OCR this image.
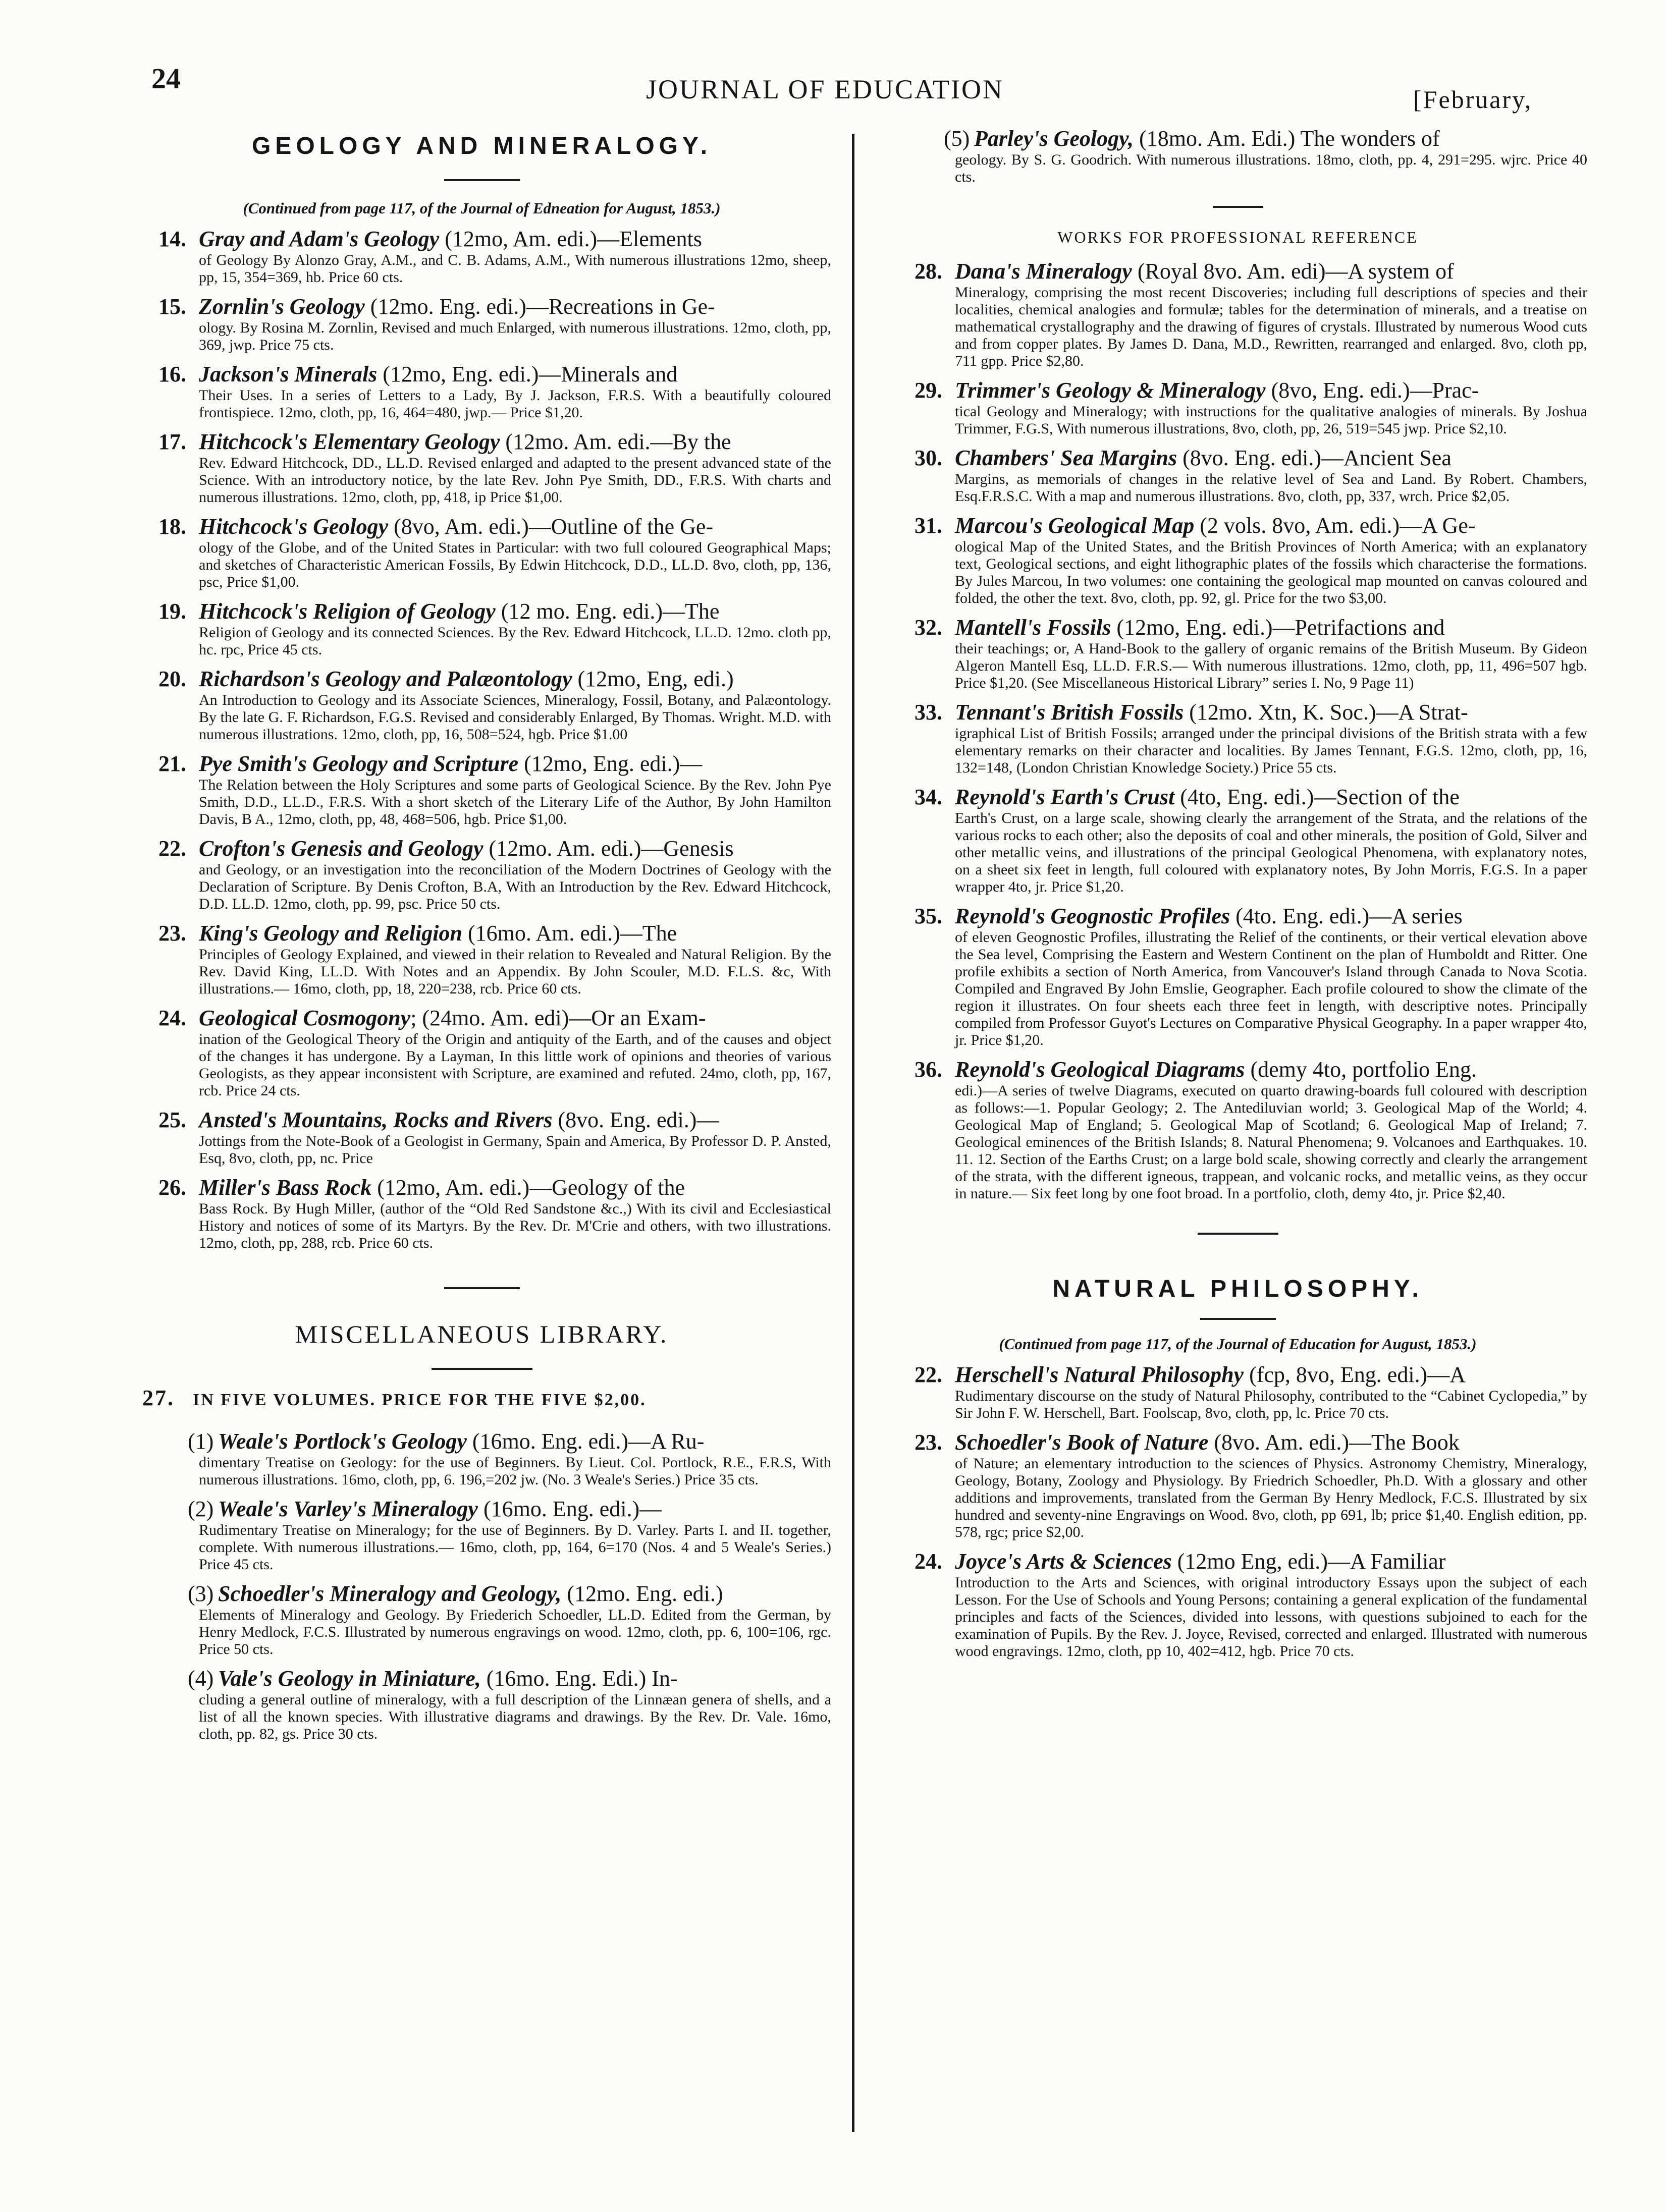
24	JOURNAL OF EDUCATION	[February,
GEOLOGY AND MINERALOGY.
(Continued from page 117, of the Journal of Edneation for August, 1853.)
14. Gray and Adam's Geology (12mo, Am. edi.)—Elements
of Geology By Alonzo Gray, A.M., and C. B. Adams, A.M., With numerous illustrations 12mo, sheep, pp, 15, 354=369, hb. Price 60 cts.
15. Zornlin's Geology (12mo. Eng. edi.)—Recreations in Ge-
ology. By Rosina M. Zornlin, Revised and much Enlarged, with numerous illustrations. 12mo, cloth, pp, 369, jwp. Price 75 cts.
16. Jackson's Minerals (12mo, Eng. edi.)—Minerals and
Their Uses. In a series of Letters to a Lady, By J. Jackson, F.R.S. With a beautifully coloured frontispiece. 12mo, cloth, pp, 16, 464=480, jwp.— Price $1,20.
17. Hitchcock's Elementary Geology (12mo. Am. edi.—By the
Rev. Edward Hitchcock, DD., LL.D. Revised enlarged and adapted to the present advanced state of the Science. With an introductory notice, by the late Rev. John Pye Smith, DD., F.R.S. With charts and numerous illustrations. 12mo, cloth, pp, 418, ip Price $1,00.
18. Hitchcock's Geology (8vo, Am. edi.)—Outline of the Ge-
ology of the Globe, and of the United States in Particular: with two full coloured Geographical Maps; and sketches of Characteristic American Fossils, By Edwin Hitchcock, D.D., LL.D. 8vo, cloth, pp, 136, psc, Price $1,00.
19. Hitchcock's Religion of Geology (12 mo. Eng. edi.)—The
Religion of Geology and its connected Sciences. By the Rev. Edward Hitchcock, LL.D. 12mo. cloth pp, hc. rpc, Price 45 cts.
20. Richardson's Geology and Palæontology (12mo, Eng, edi.)
An Introduction to Geology and its Associate Sciences, Mineralogy, Fossil, Botany, and Palæontology. By the late G. F. Richardson, F.G.S. Revised and considerably Enlarged, By Thomas. Wright. M.D. with numerous illustrations. 12mo, cloth, pp, 16, 508=524, hgb. Price $1.00
21. Pye Smith's Geology and Scripture (12mo, Eng. edi.)—
The Relation between the Holy Scriptures and some parts of Geological Science. By the Rev. John Pye Smith, D.D., LL.D., F.R.S. With a short sketch of the Literary Life of the Author, By John Hamilton Davis, B A., 12mo, cloth, pp, 48, 468=506, hgb. Price $1,00.
22. Crofton's Genesis and Geology (12mo. Am. edi.)—Genesis
and Geology, or an investigation into the reconciliation of the Modern Doctrines of Geology with the Declaration of Scripture. By Denis Crofton, B.A, With an Introduction by the Rev. Edward Hitchcock, D.D. LL.D. 12mo, cloth, pp. 99, psc. Price 50 cts.
23. King's Geology and Religion (16mo. Am. edi.)—The
Principles of Geology Explained, and viewed in their relation to Revealed and Natural Religion. By the Rev. David King, LL.D. With Notes and an Appendix. By John Scouler, M.D. F.L.S. &c, With illustrations.— 16mo, cloth, pp, 18, 220=238, rcb. Price 60 cts.
24. Geological Cosmogony; (24mo. Am. edi)—Or an Exam-
ination of the Geological Theory of the Origin and antiquity of the Earth, and of the causes and object of the changes it has undergone. By a Layman, In this little work of opinions and theories of various Geologists, as they appear inconsistent with Scripture, are examined and refuted. 24mo, cloth, pp, 167, rcb. Price 24 cts.
25. Ansted's Mountains, Rocks and Rivers (8vo. Eng. edi.)—
Jottings from the Note-Book of a Geologist in Germany, Spain and America, By Professor D. P. Ansted, Esq, 8vo, cloth, pp, nc. Price
26. Miller's Bass Rock (12mo, Am. edi.)—Geology of the
Bass Rock. By Hugh Miller, (author of the “Old Red Sandstone &c.,) With its civil and Ecclesiastical History and notices of some of its Martyrs. By the Rev. Dr. M'Crie and others, with two illustrations. 12mo, cloth, pp, 288, rcb. Price 60 cts.
MISCELLANEOUS LIBRARY.
27. IN FIVE VOLUMES. PRICE FOR THE FIVE $2,00.
(1) Weale's Portlock's Geology (16mo. Eng. edi.)—A Ru-
dimentary Treatise on Geology: for the use of Beginners. By Lieut. Col. Portlock, R.E., F.R.S, With numerous illustrations. 16mo, cloth, pp, 6. 196,=202 jw. (No. 3 Weale's Series.) Price 35 cts.
(2) Weale's Varley's Mineralogy (16mo. Eng. edi.)—
Rudimentary Treatise on Mineralogy; for the use of Beginners. By D. Varley. Parts I. and II. together, complete. With numerous illustrations.— 16mo, cloth, pp, 164, 6=170 (Nos. 4 and 5 Weale's Series.) Price 45 cts.
(3) Schoedler's Mineralogy and Geology, (12mo. Eng. edi.)
Elements of Mineralogy and Geology. By Friederich Schoedler, LL.D. Edited from the German, by Henry Medlock, F.C.S. Illustrated by numerous engravings on wood. 12mo, cloth, pp. 6, 100=106, rgc. Price 50 cts.
(4) Vale's Geology in Miniature, (16mo. Eng. Edi.) In-
cluding a general outline of mineralogy, with a full description of the Linnæan genera of shells, and a list of all the known species. With illustrative diagrams and drawings. By the Rev. Dr. Vale. 16mo, cloth, pp. 82, gs. Price 30 cts.
(5) Parley's Geology, (18mo. Am. Edi.) The wonders of
geology. By S. G. Goodrich. With numerous illustrations. 18mo, cloth, pp. 4, 291=295. wjrc. Price 40 cts.
WORKS FOR PROFESSIONAL REFERENCE
28. Dana's Mineralogy (Royal 8vo. Am. edi)—A system of
Mineralogy, comprising the most recent Discoveries; including full descriptions of species and their localities, chemical analogies and formulæ; tables for the determination of minerals, and a treatise on mathematical crystallography and the drawing of figures of crystals. Illustrated by numerous Wood cuts and from copper plates. By James D. Dana, M.D., Rewritten, rearranged and enlarged. 8vo, cloth pp, 711 gpp. Price $2,80.
29. Trimmer's Geology & Mineralogy (8vo, Eng. edi.)—Prac-
tical Geology and Mineralogy; with instructions for the qualitative analogies of minerals. By Joshua Trimmer, F.G.S, With numerous illustrations, 8vo, cloth, pp, 26, 519=545 jwp. Price $2,10.
30. Chambers' Sea Margins (8vo. Eng. edi.)—Ancient Sea
Margins, as memorials of changes in the relative level of Sea and Land. By Robert. Chambers, Esq.F.R.S.C. With a map and numerous illustrations. 8vo, cloth, pp, 337, wrch. Price $2,05.
31. Marcou's Geological Map (2 vols. 8vo, Am. edi.)—A Ge-
ological Map of the United States, and the British Provinces of North America; with an explanatory text, Geological sections, and eight lithographic plates of the fossils which characterise the formations. By Jules Marcou, In two volumes: one containing the geological map mounted on canvas coloured and folded, the other the text. 8vo, cloth, pp. 92, gl. Price for the two $3,00.
32. Mantell's Fossils (12mo, Eng. edi.)—Petrifactions and
their teachings; or, A Hand-Book to the gallery of organic remains of the British Museum. By Gideon Algeron Mantell Esq, LL.D. F.R.S.— With numerous illustrations. 12mo, cloth, pp, 11, 496=507 hgb. Price $1,20. (See Miscellaneous Historical Library” series I. No, 9 Page 11)
33. Tennant's British Fossils (12mo. Xtn, K. Soc.)—A Strat-
igraphical List of British Fossils; arranged under the principal divisions of the British strata with a few elementary remarks on their character and localities. By James Tennant, F.G.S. 12mo, cloth, pp, 16, 132=148, (London Christian Knowledge Society.) Price 55 cts.
34. Reynold's Earth's Crust (4to, Eng. edi.)—Section of the
Earth's Crust, on a large scale, showing clearly the arrangement of the Strata, and the relations of the various rocks to each other; also the deposits of coal and other minerals, the position of Gold, Silver and other metallic veins, and illustrations of the principal Geological Phenomena, with explanatory notes, on a sheet six feet in length, full coloured with explanatory notes, By John Morris, F.G.S. In a paper wrapper 4to, jr. Price $1,20.
35. Reynold's Geognostic Profiles (4to. Eng. edi.)—A series
of eleven Geognostic Profiles, illustrating the Relief of the continents, or their vertical elevation above the Sea level, Comprising the Eastern and Western Continent on the plan of Humboldt and Ritter. One profile exhibits a section of North America, from Vancouver's Island through Canada to Nova Scotia. Compiled and Engraved By John Emslie, Geographer. Each profile coloured to show the climate of the region it illustrates. On four sheets each three feet in length, with descriptive notes. Principally compiled from Professor Guyot's Lectures on Comparative Physical Geography. In a paper wrapper 4to, jr. Price $1,20.
36. Reynold's Geological Diagrams (demy 4to, portfolio Eng.
edi.)—A series of twelve Diagrams, executed on quarto drawing-boards full coloured with description as follows:—1. Popular Geology; 2. The Antediluvian world; 3. Geological Map of the World; 4. Geological Map of England; 5. Geological Map of Scotland; 6. Geological Map of Ireland; 7. Geological eminences of the British Islands; 8. Natural Phenomena; 9. Volcanoes and Earthquakes. 10. 11. 12. Section of the Earths Crust; on a large bold scale, showing correctly and clearly the arrangement of the strata, with the different igneous, trappean, and volcanic rocks, and metallic veins, as they occur in nature.— Six feet long by one foot broad. In a portfolio, cloth, demy 4to, jr. Price $2,40.
NATURAL PHILOSOPHY.
(Continued from page 117, of the Journal of Education for August, 1853.)
22. Herschell's Natural Philosophy (fcp, 8vo, Eng. edi.)—A
Rudimentary discourse on the study of Natural Philosophy, contributed to the “Cabinet Cyclopedia,” by Sir John F. W. Herschell, Bart. Foolscap, 8vo, cloth, pp, lc. Price 70 cts.
23. Schoedler's Book of Nature (8vo. Am. edi.)—The Book
of Nature; an elementary introduction to the sciences of Physics. Astronomy Chemistry, Mineralogy, Geology, Botany, Zoology and Physiology. By Friedrich Schoedler, Ph.D. With a glossary and other additions and improvements, translated from the German By Henry Medlock, F.C.S. Illustrated by six hundred and seventy-nine Engravings on Wood. 8vo, cloth, pp 691, lb; price $1,40. English edition, pp. 578, rgc; price $2,00.
24. Joyce's Arts & Sciences (12mo Eng, edi.)—A Familiar
Introduction to the Arts and Sciences, with original introductory Essays upon the subject of each Lesson. For the Use of Schools and Young Persons; containing a general explication of the fundamental principles and facts of the Sciences, divided into lessons, with questions subjoined to each for the examination of Pupils. By the Rev. J. Joyce, Revised, corrected and enlarged. Illustrated with numerous wood engravings. 12mo, cloth, pp 10, 402=412, hgb. Price 70 cts.
